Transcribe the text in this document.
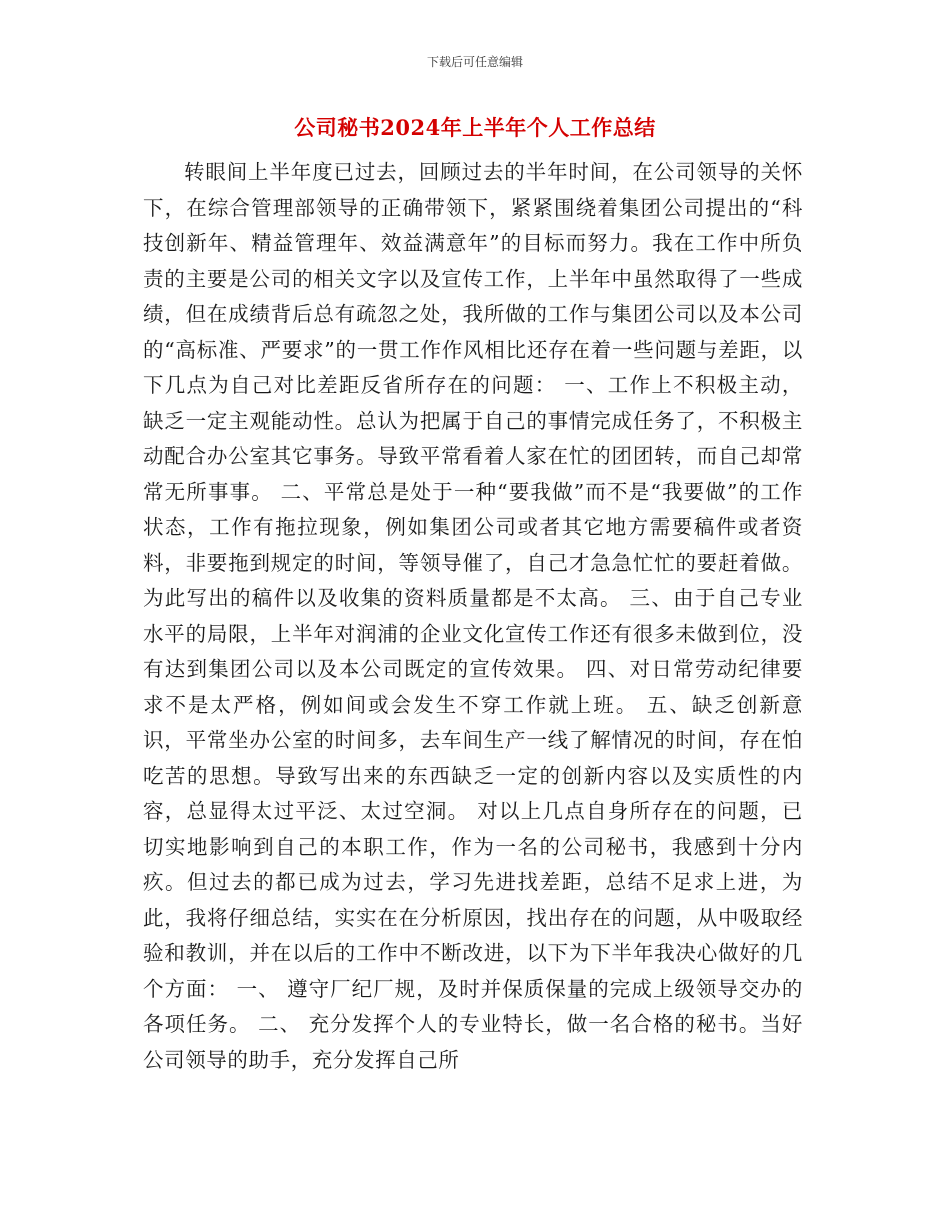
下载后可任意编辑
公司秘书2024年上半年个人工作总结

转眼间上半年度已过去，回顾过去的半年时间，在公司领导的关怀下，在综合管理部领导的正确带领下，紧紧围绕着集团公司提出的“科技创新年、精益管理年、效益满意年”的目标而努力。我在工作中所负责的主要是公司的相关文字以及宣传工作，上半年中虽然取得了一些成绩，但在成绩背后总有疏忽之处，我所做的工作与集团公司以及本公司的“高标准、严要求”的一贯工作作风相比还存在着一些问题与差距，以下几点为自己对比差距反省所存在的问题： 一、工作上不积极主动，缺乏一定主观能动性。总认为把属于自己的事情完成任务了，不积极主动配合办公室其它事务。导致平常看着人家在忙的团团转，而自己却常常无所事事。 二、平常总是处于一种“要我做”而不是“我要做”的工作状态，工作有拖拉现象，例如集团公司或者其它地方需要稿件或者资料，非要拖到规定的时间，等领导催了，自己才急急忙忙的要赶着做。为此写出的稿件以及收集的资料质量都是不太高。 三、由于自己专业水平的局限，上半年对润浦的企业文化宣传工作还有很多未做到位，没有达到集团公司以及本公司既定的宣传效果。 四、对日常劳动纪律要求不是太严格，例如间或会发生不穿工作就上班。 五、缺乏创新意识，平常坐办公室的时间多，去车间生产一线了解情况的时间，存在怕吃苦的思想。导致写出来的东西缺乏一定的创新内容以及实质性的内容，总显得太过平泛、太过空洞。 对以上几点自身所存在的问题，已切实地影响到自己的本职工作，作为一名的公司秘书，我感到十分内疚。但过去的都已成为过去，学习先进找差距，总结不足求上进，为此，我将仔细总结，实实在在分析原因，找出存在的问题，从中吸取经验和教训，并在以后的工作中不断改进，以下为下半年我决心做好的几个方面： 一、 遵守厂纪厂规，及时并保质保量的完成上级领导交办的各项任务。 二、 充分发挥个人的专业特长，做一名合格的秘书。当好公司领导的助手，充分发挥自己所
